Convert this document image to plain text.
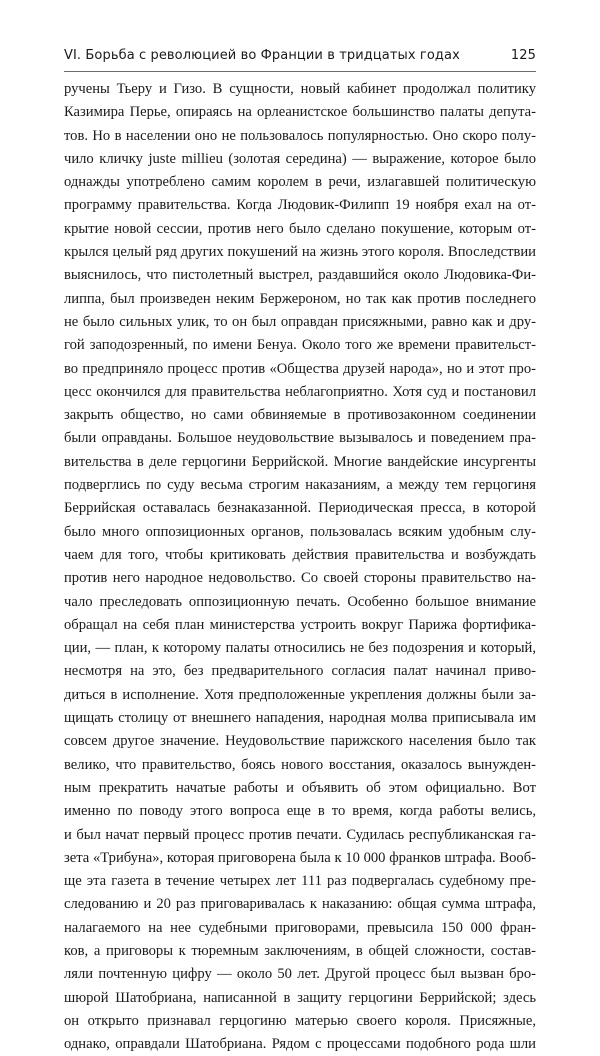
VI. Борьба с революцией во Франции в тридцатых годах	125
ручены Тьеру и Гизо. В сущности, новый кабинет продолжал политику
Казимира Перье, опираясь на орлеанистское большинство палаты депута-
тов. Но в населении оно не пользовалось популярностью. Оно скоро полу-
чило кличку juste millieu (золотая середина) — выражение, которое было
однажды употреблено самим королем в речи, излагавшей политическую
программу правительства. Когда Людовик-Филипп 19 ноября ехал на от-
крытие новой сессии, против него было сделано покушение, которым от-
крылся целый ряд других покушений на жизнь этого короля. Впоследствии
выяснилось, что пистолетный выстрел, раздавшийся около Людовика-Фи-
липпа, был произведен неким Бержероном, но так как против последнего
не было сильных улик, то он был оправдан присяжными, равно как и дру-
гой заподозренный, по имени Бенуа. Около того же времени правительст-
во предприняло процесс против «Общества друзей народа», но и этот про-
цесс окончился для правительства неблагоприятно. Хотя суд и постановил
закрыть общество, но сами обвиняемые в противозаконном соединении
были оправданы. Большое неудовольствие вызывалось и поведением пра-
вительства в деле герцогини Беррийской. Многие вандейские инсургенты
подверглись по суду весьма строгим наказаниям, а между тем герцогиня
Беррийская оставалась безнаказанной. Периодическая пресса, в которой
было много оппозиционных органов, пользовалась всяким удобным слу-
чаем для того, чтобы критиковать действия правительства и возбуждать
против него народное недовольство. Со своей стороны правительство на-
чало преследовать оппозиционную печать. Особенно большое внимание
обращал на себя план министерства устроить вокруг Парижа фортифика-
ции, — план, к которому палаты относились не без подозрения и который,
несмотря на это, без предварительного согласия палат начинал приво-
диться в исполнение. Хотя предположенные укрепления должны были за-
щищать столицу от внешнего нападения, народная молва приписывала им
совсем другое значение. Неудовольствие парижского населения было так
велико, что правительство, боясь нового восстания, оказалось вынужден-
ным прекратить начатые работы и объявить об этом официально. Вот
именно по поводу этого вопроса еще в то время, когда работы велись,
и был начат первый процесс против печати. Судилась республиканская га-
зета «Трибуна», которая приговорена была к 10 000 франков штрафа. Вооб-
ще эта газета в течение четырех лет 111 раз подвергалась судебному пре-
следованию и 20 раз приговаривалась к наказанию: общая сумма штрафа,
налагаемого на нее судебными приговорами, превысила 150 000 фран-
ков, а приговоры к тюремным заключениям, в общей сложности, состав-
ляли почтенную цифру — около 50 лет. Другой процесс был вызван бро-
шюрой Шатобриана, написанной в защиту герцогини Беррийской; здесь
он открыто признавал герцогиню матерью своего короля. Присяжные,
однако, оправдали Шатобриана. Рядом с процессами подобного рода шли
